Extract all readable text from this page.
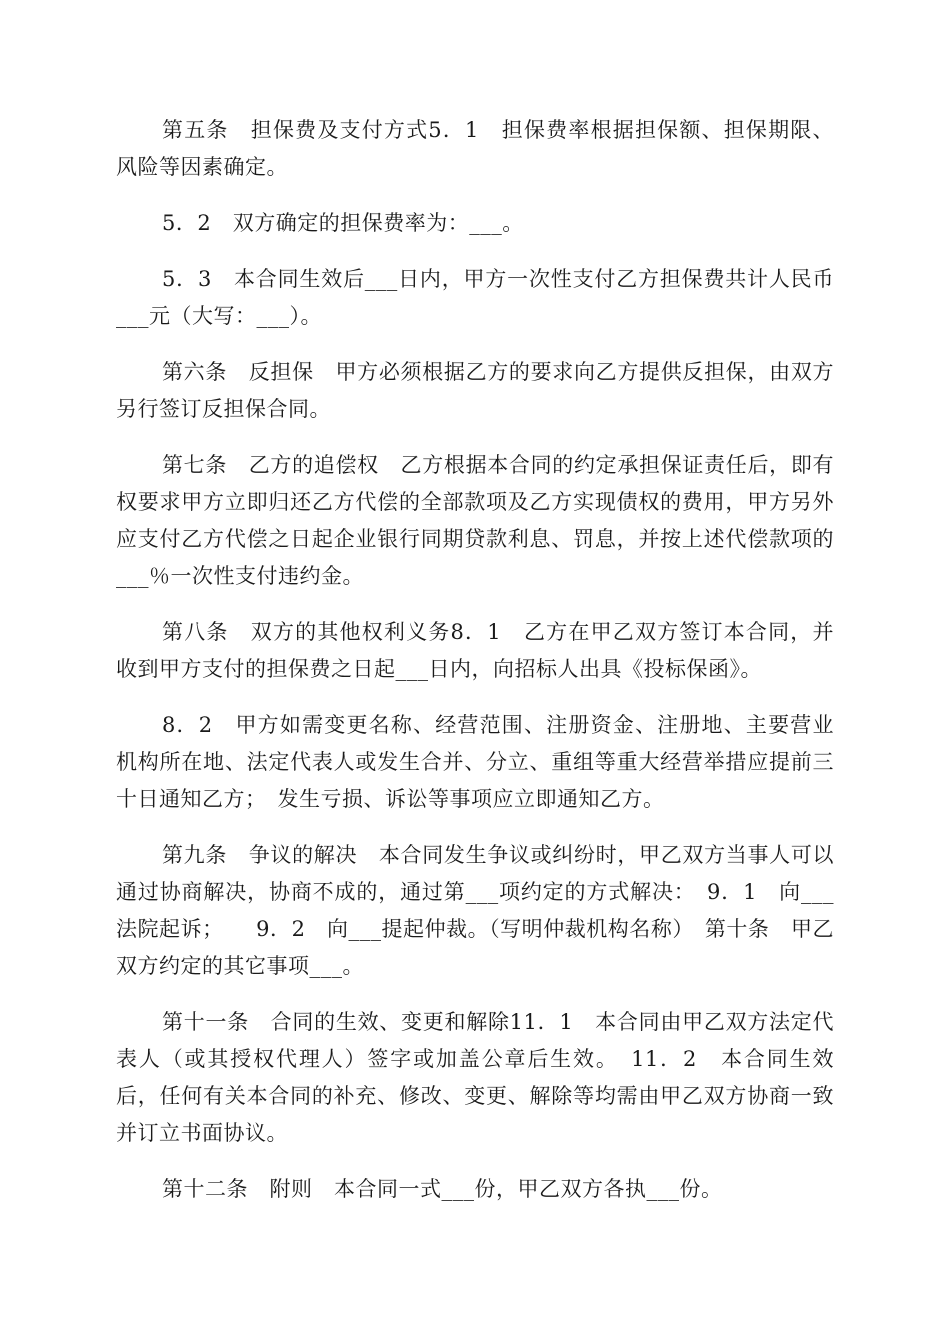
第五条　担保费及支付方式5．1　担保费率根据担保额、担保期限、风险等因素确定。

5．2　双方确定的担保费率为：___。

5．3　本合同生效后___日内，甲方一次性支付乙方担保费共计人民币___元（大写：___）。

第六条　反担保　甲方必须根据乙方的要求向乙方提供反担保，由双方另行签订反担保合同。

第七条　乙方的追偿权　乙方根据本合同的约定承担保证责任后，即有权要求甲方立即归还乙方代偿的全部款项及乙方实现债权的费用，甲方另外应支付乙方代偿之日起企业银行同期贷款利息、罚息，并按上述代偿款项的___％一次性支付违约金。

第八条　双方的其他权利义务8．1　乙方在甲乙双方签订本合同，并收到甲方支付的担保费之日起___日内，向招标人出具《投标保函》。

8．2　甲方如需变更名称、经营范围、注册资金、注册地、主要营业机构所在地、法定代表人或发生合并、分立、重组等重大经营举措应提前三十日通知乙方；　发生亏损、诉讼等事项应立即通知乙方。

第九条　争议的解决　本合同发生争议或纠纷时，甲乙双方当事人可以通过协商解决，协商不成的，通过第___项约定的方式解决：　9．1　向___法院起诉；　　9．2　向___提起仲裁。（写明仲裁机构名称）　第十条　甲乙双方约定的其它事项___。

第十一条　合同的生效、变更和解除11．1　本合同由甲乙双方法定代表人（或其授权代理人）签字或加盖公章后生效。　11．2　本合同生效后，任何有关本合同的补充、修改、变更、解除等均需由甲乙双方协商一致并订立书面协议。

第十二条　附则　本合同一式___份，甲乙双方各执___份。
